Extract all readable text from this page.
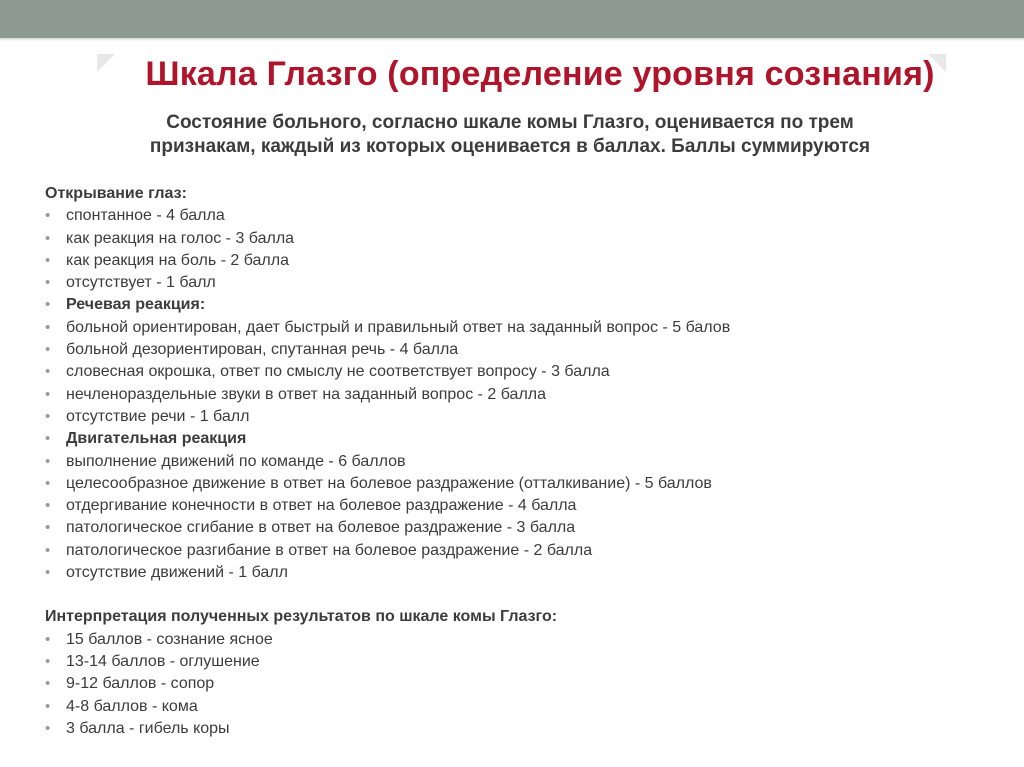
Шкала Глазго (определение уровня сознания)
Состояние больного, согласно шкале комы Глазго, оценивается по трем
признакам, каждый из которых оценивается в баллах. Баллы суммируются
Открывание глаз:
• спонтанное - 4 балла
• как реакция на голос - 3 балла
• как реакция на боль - 2 балла
• отсутствует - 1 балл
• Речевая реакция:
• больной ориентирован, дает быстрый и правильный ответ на заданный вопрос - 5 балов
• больной дезориентирован, спутанная речь - 4 балла
• словесная окрошка, ответ по смыслу не соответствует вопросу - 3 балла
• нечленораздельные звуки в ответ на заданный вопрос - 2 балла
• отсутствие речи - 1 балл
• Двигательная реакция
• выполнение движений по команде - 6 баллов
• целесообразное движение в ответ на болевое раздражение (отталкивание) - 5 баллов
• отдергивание конечности в ответ на болевое раздражение - 4 балла
• патологическое сгибание в ответ на болевое раздражение - 3 балла
• патологическое разгибание в ответ на болевое раздражение - 2 балла
• отсутствие движений - 1 балл
Интерпретация полученных результатов по шкале комы Глазго:
• 15 баллов - сознание ясное
• 13-14 баллов - оглушение
• 9-12 баллов - сопор
• 4-8 баллов - кома
• 3 балла - гибель коры
